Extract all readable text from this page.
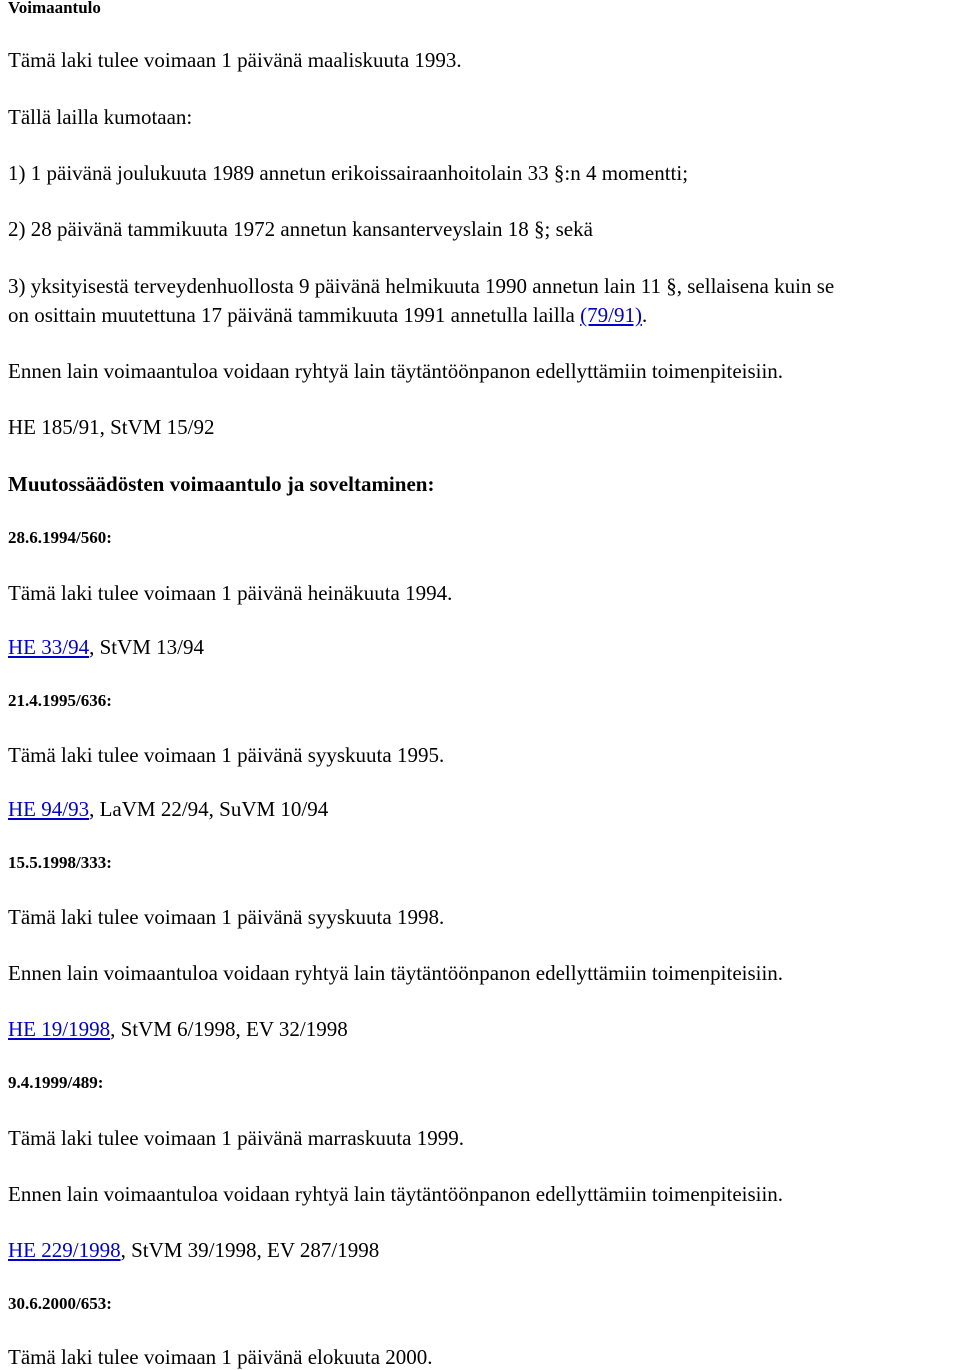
Voimaantulo
Tämä laki tulee voimaan 1 päivänä maaliskuuta 1993.
Tällä lailla kumotaan:
1) 1 päivänä joulukuuta 1989 annetun erikoissairaanhoitolain 33 §:n 4 momentti;
2) 28 päivänä tammikuuta 1972 annetun kansanterveyslain 18 §; sekä
3) yksityisestä terveydenhuollosta 9 päivänä helmikuuta 1990 annetun lain 11 §, sellaisena kuin se
on osittain muutettuna 17 päivänä tammikuuta 1991 annetulla lailla (79/91).
Ennen lain voimaantuloa voidaan ryhtyä lain täytäntöönpanon edellyttämiin toimenpiteisiin.
HE 185/91, StVM 15/92
Muutossäädösten voimaantulo ja soveltaminen:
28.6.1994/560:
Tämä laki tulee voimaan 1 päivänä heinäkuuta 1994.
HE 33/94, StVM 13/94
21.4.1995/636:
Tämä laki tulee voimaan 1 päivänä syyskuuta 1995.
HE 94/93, LaVM 22/94, SuVM 10/94
15.5.1998/333:
Tämä laki tulee voimaan 1 päivänä syyskuuta 1998.
Ennen lain voimaantuloa voidaan ryhtyä lain täytäntöönpanon edellyttämiin toimenpiteisiin.
HE 19/1998, StVM 6/1998, EV 32/1998
9.4.1999/489:
Tämä laki tulee voimaan 1 päivänä marraskuuta 1999.
Ennen lain voimaantuloa voidaan ryhtyä lain täytäntöönpanon edellyttämiin toimenpiteisiin.
HE 229/1998, StVM 39/1998, EV 287/1998
30.6.2000/653:
Tämä laki tulee voimaan 1 päivänä elokuuta 2000.
